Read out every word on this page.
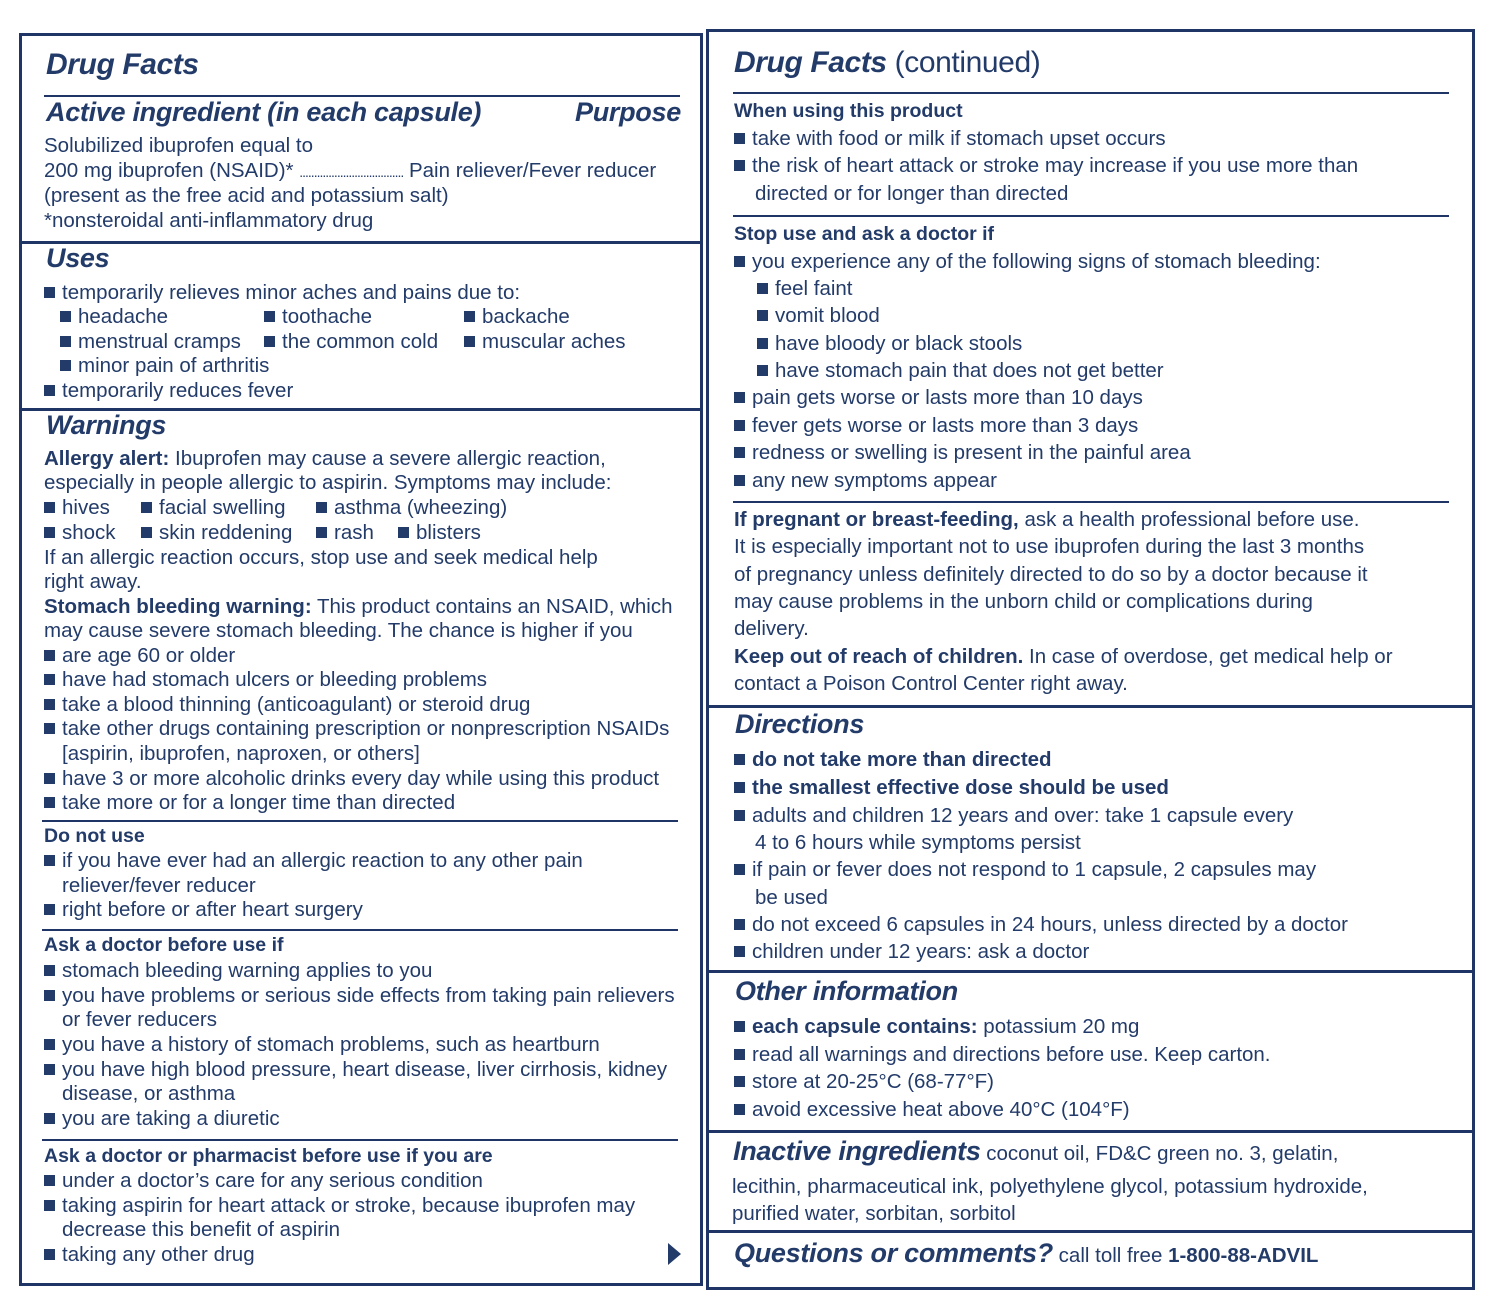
Drug Facts
Active ingredient (in each capsule)	Purpose
Solubilized ibuprofen equal to
200 mg ibuprofen (NSAID)* .................................... Pain reliever/Fever reducer
(present as the free acid and potassium salt)
*nonsteroidal anti-inflammatory drug
Uses
temporarily relieves minor aches and pains due to:
headache	toothache	backache
menstrual cramps	the common cold	muscular aches
minor pain of arthritis
temporarily reduces fever
Warnings
Allergy alert: Ibuprofen may cause a severe allergic reaction,
especially in people allergic to aspirin. Symptoms may include:
hives	facial swelling	asthma (wheezing)
shock	skin reddening	rash	blisters
If an allergic reaction occurs, stop use and seek medical help
right away.
Stomach bleeding warning: This product contains an NSAID, which
may cause severe stomach bleeding. The chance is higher if you
are age 60 or older
have had stomach ulcers or bleeding problems
take a blood thinning (anticoagulant) or steroid drug
take other drugs containing prescription or nonprescription NSAIDs
[aspirin, ibuprofen, naproxen, or others]
have 3 or more alcoholic drinks every day while using this product
take more or for a longer time than directed
Do not use
if you have ever had an allergic reaction to any other pain
reliever/fever reducer
right before or after heart surgery
Ask a doctor before use if
stomach bleeding warning applies to you
you have problems or serious side effects from taking pain relievers
or fever reducers
you have a history of stomach problems, such as heartburn
you have high blood pressure, heart disease, liver cirrhosis, kidney
disease, or asthma
you are taking a diuretic
Ask a doctor or pharmacist before use if you are
under a doctor’s care for any serious condition
taking aspirin for heart attack or stroke, because ibuprofen may
decrease this benefit of aspirin
taking any other drug
Drug Facts (continued)
When using this product
take with food or milk if stomach upset occurs
the risk of heart attack or stroke may increase if you use more than
directed or for longer than directed
Stop use and ask a doctor if
you experience any of the following signs of stomach bleeding:
feel faint
vomit blood
have bloody or black stools
have stomach pain that does not get better
pain gets worse or lasts more than 10 days
fever gets worse or lasts more than 3 days
redness or swelling is present in the painful area
any new symptoms appear
If pregnant or breast-feeding, ask a health professional before use.
It is especially important not to use ibuprofen during the last 3 months
of pregnancy unless definitely directed to do so by a doctor because it
may cause problems in the unborn child or complications during
delivery.
Keep out of reach of children. In case of overdose, get medical help or
contact a Poison Control Center right away.
Directions
do not take more than directed
the smallest effective dose should be used
adults and children 12 years and over: take 1 capsule every
4 to 6 hours while symptoms persist
if pain or fever does not respond to 1 capsule, 2 capsules may
be used
do not exceed 6 capsules in 24 hours, unless directed by a doctor
children under 12 years: ask a doctor
Other information
each capsule contains: potassium 20 mg
read all warnings and directions before use. Keep carton.
store at 20-25°C (68-77°F)
avoid excessive heat above 40°C (104°F)
Inactive ingredients coconut oil, FD&C green no. 3, gelatin,
lecithin, pharmaceutical ink, polyethylene glycol, potassium hydroxide,
purified water, sorbitan, sorbitol
Questions or comments? call toll free 1-800-88-ADVIL
